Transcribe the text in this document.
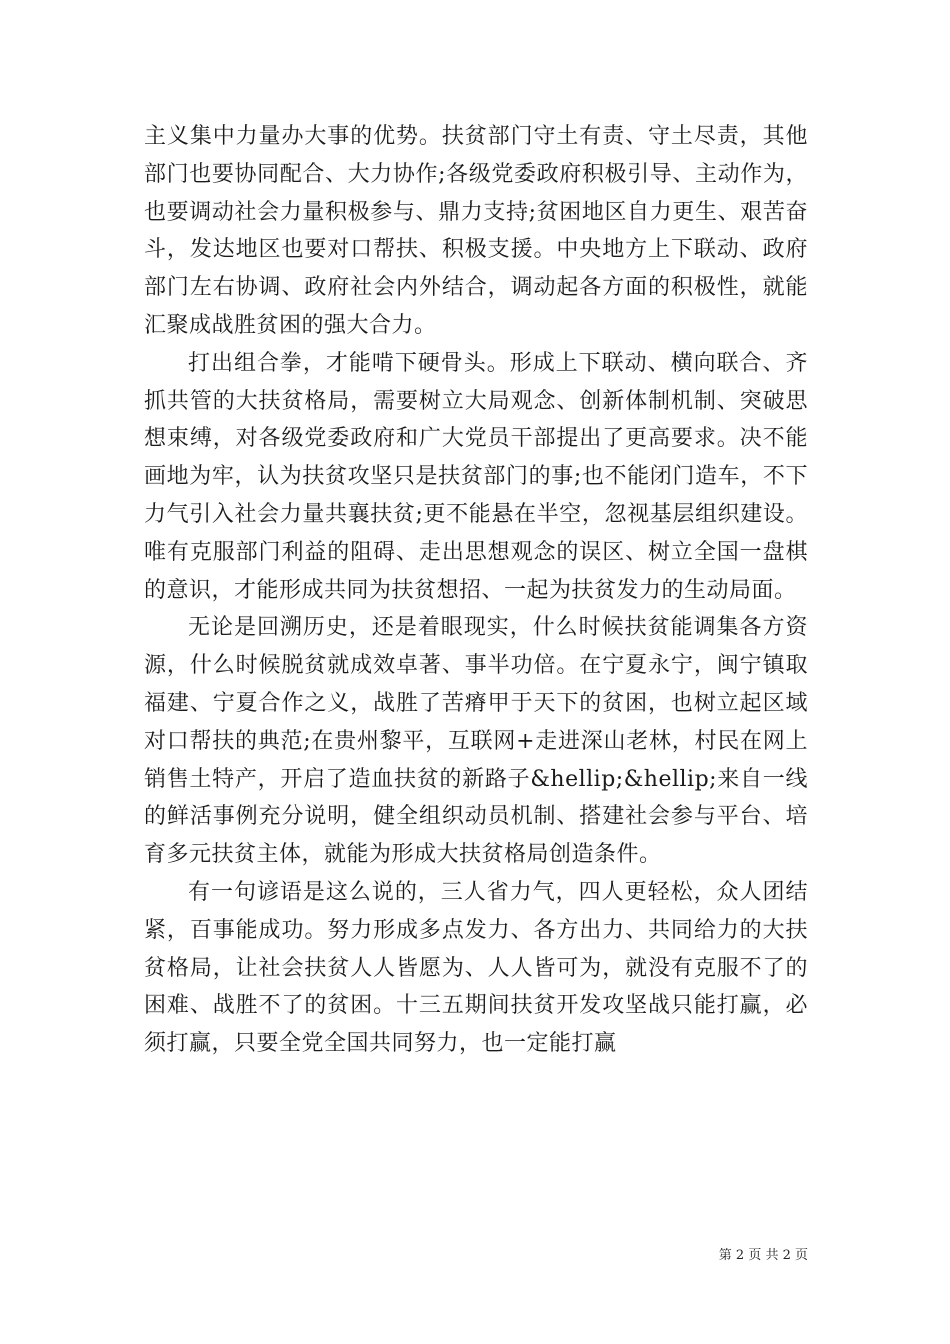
主义集中力量办大事的优势。扶贫部门守土有责、守土尽责，其他部门也要协同配合、大力协作;各级党委政府积极引导、主动作为，也要调动社会力量积极参与、鼎力支持;贫困地区自力更生、艰苦奋斗，发达地区也要对口帮扶、积极支援。中央地方上下联动、政府部门左右协调、政府社会内外结合，调动起各方面的积极性，就能汇聚成战胜贫困的强大合力。

打出组合拳，才能啃下硬骨头。形成上下联动、横向联合、齐抓共管的大扶贫格局，需要树立大局观念、创新体制机制、突破思想束缚，对各级党委政府和广大党员干部提出了更高要求。决不能画地为牢，认为扶贫攻坚只是扶贫部门的事;也不能闭门造车，不下力气引入社会力量共襄扶贫;更不能悬在半空，忽视基层组织建设。唯有克服部门利益的阻碍、走出思想观念的误区、树立全国一盘棋的意识，才能形成共同为扶贫想招、一起为扶贫发力的生动局面。

无论是回溯历史，还是着眼现实，什么时候扶贫能调集各方资源，什么时候脱贫就成效卓著、事半功倍。在宁夏永宁，闽宁镇取福建、宁夏合作之义，战胜了苦瘠甲于天下的贫困，也树立起区域对口帮扶的典范;在贵州黎平，互联网+走进深山老林，村民在网上销售土特产，开启了造血扶贫的新路子&hellip;&hellip;来自一线的鲜活事例充分说明，健全组织动员机制、搭建社会参与平台、培育多元扶贫主体，就能为形成大扶贫格局创造条件。

有一句谚语是这么说的，三人省力气，四人更轻松，众人团结紧，百事能成功。努力形成多点发力、各方出力、共同给力的大扶贫格局，让社会扶贫人人皆愿为、人人皆可为，就没有克服不了的困难、战胜不了的贫困。十三五期间扶贫开发攻坚战只能打赢，必须打赢，只要全党全国共同努力，也一定能打赢

第 2 页 共 2 页
